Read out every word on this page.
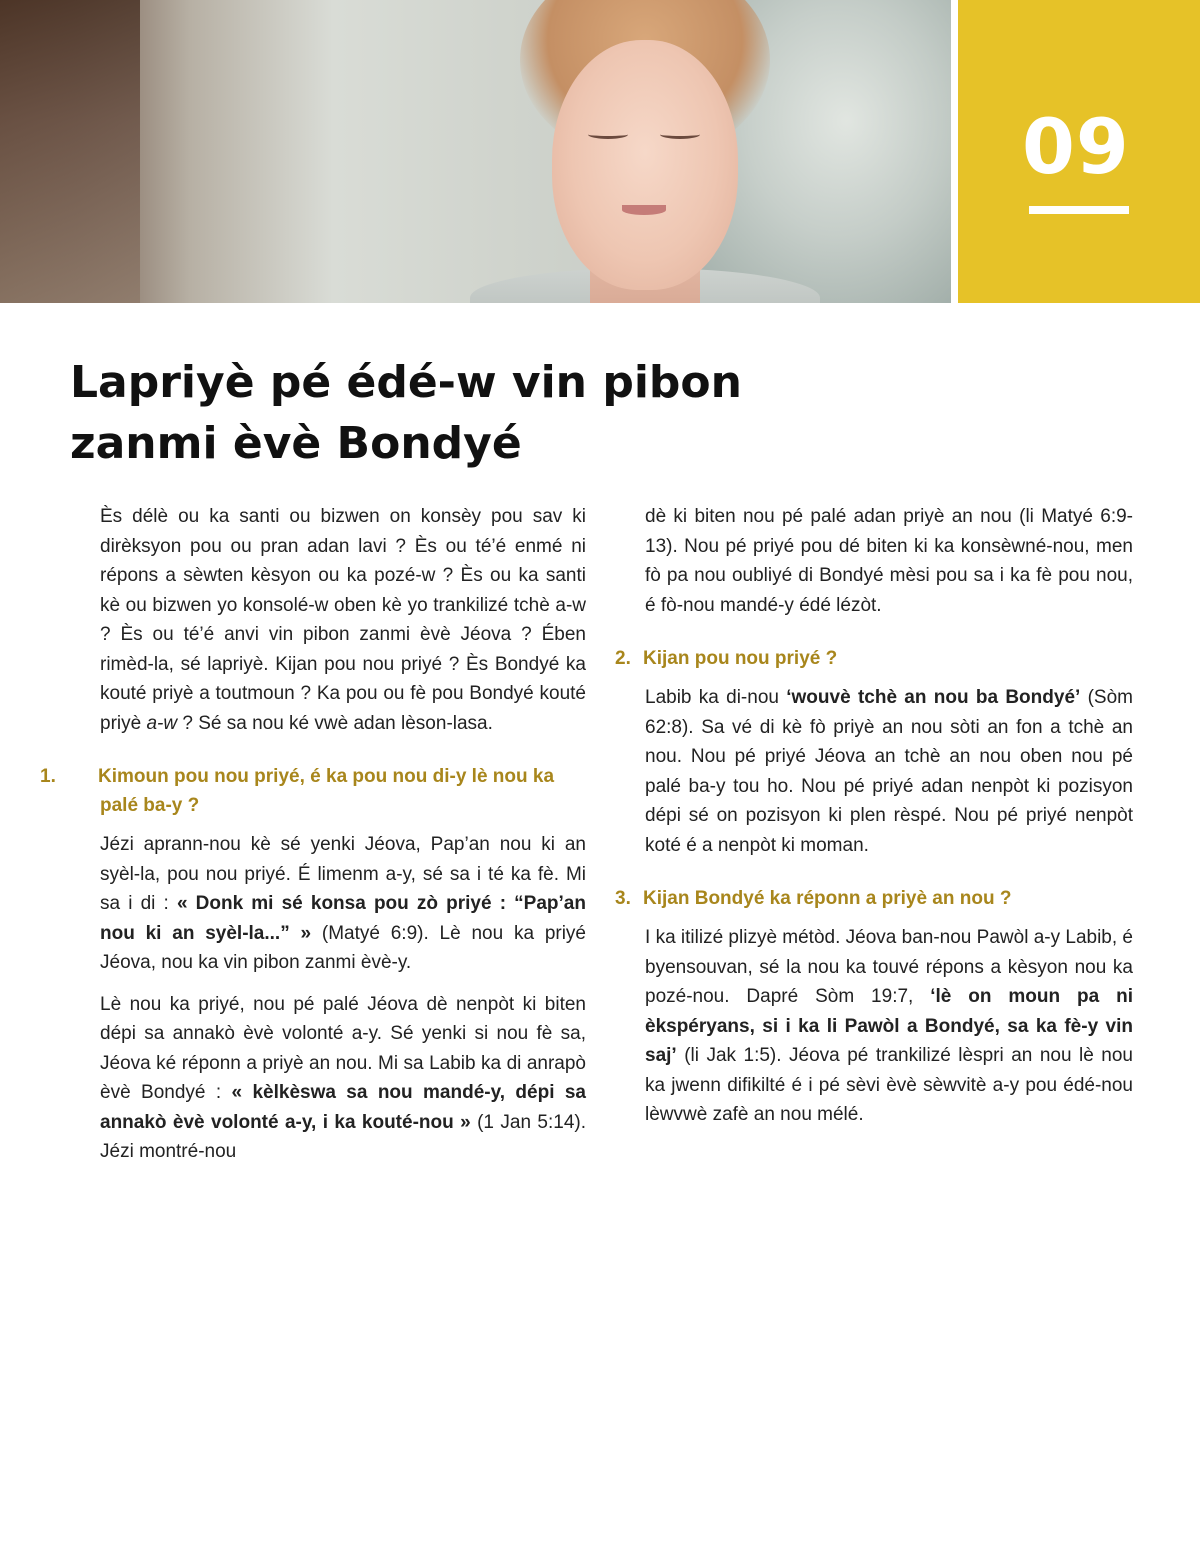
09
Lapriyè pé édé-w vin pibon zanmi èvè Bondyé

Ès délè ou ka santi ou bizwen on konsèy pou sav ki dirèksyon pou ou pran adan lavi ? Ès ou té’é enmé ni répons a sèwten kèsyon ou ka pozé-w ? Ès ou ka santi kè ou bizwen yo konsolé-w oben kè yo trankilizé tchè a-w ? Ès ou té’é anvi vin pibon zanmi èvè Jéova ? Ében rimèd-la, sé lapriyè. Kijan pou nou priyé ? Ès Bondyé ka kouté priyè a toutmoun ? Ka pou ou fè pou Bondyé kouté priyè a-w ? Sé sa nou ké vwè adan lèson-lasa.

1. Kimoun pou nou priyé, é ka pou nou di-y lè nou ka palé ba-y ?

Jézi aprann-nou kè sé yenki Jéova, Pap’an nou ki an syèl-la, pou nou priyé. É limenm a-y, sé sa i té ka fè. Mi sa i di : « Donk mi sé konsa pou zò priyé : “Pap’an nou ki an syèl-la...” » (Matyé 6:9). Lè nou ka priyé Jéova, nou ka vin pibon zanmi èvè-y.

Lè nou ka priyé, nou pé palé Jéova dè nenpòt ki biten dépi sa annakò èvè volonté a-y. Sé yenki si nou fè sa, Jéova ké réponn a priyè an nou. Mi sa Labib ka di anrapò èvè Bondyé : « kèlkèswa sa nou mandé-y, dépi sa annakò èvè volonté a-y, i ka kouté-nou » (1 Jan 5:14). Jézi montré-nou

dè ki biten nou pé palé adan priyè an nou (li Matyé 6:9-13). Nou pé priyé pou dé biten ki ka konsèwné-nou, men fò pa nou oubliyé di Bondyé mèsi pou sa i ka fè pou nou, é fò-nou mandé-y édé lézòt.

2. Kijan pou nou priyé ?

Labib ka di-nou ‘wouvè tchè an nou ba Bondyé’ (Sòm 62:8). Sa vé di kè fò priyè an nou sòti an fon a tchè an nou. Nou pé priyé Jéova an tchè an nou oben nou pé palé ba-y tou ho. Nou pé priyé adan nenpòt ki pozisyon dépi sé on pozisyon ki plen rèspé. Nou pé priyé nenpòt koté é a nenpòt ki moman.

3. Kijan Bondyé ka réponn a priyè an nou ?

I ka itilizé plizyè métòd. Jéova ban-nou Pawòl a-y Labib, é byensouvan, sé la nou ka touvé répons a kèsyon nou ka pozé-nou. Dapré Sòm 19:7, ‘lè on moun pa ni èkspéryans, si i ka li Pawòl a Bondyé, sa ka fè-y vin saj’ (li Jak 1:5). Jéova pé trankilizé lèspri an nou lè nou ka jwenn difikilté é i pé sèvi èvè sèwvitè a-y pou édé-nou lèwvwè zafè an nou mélé.
